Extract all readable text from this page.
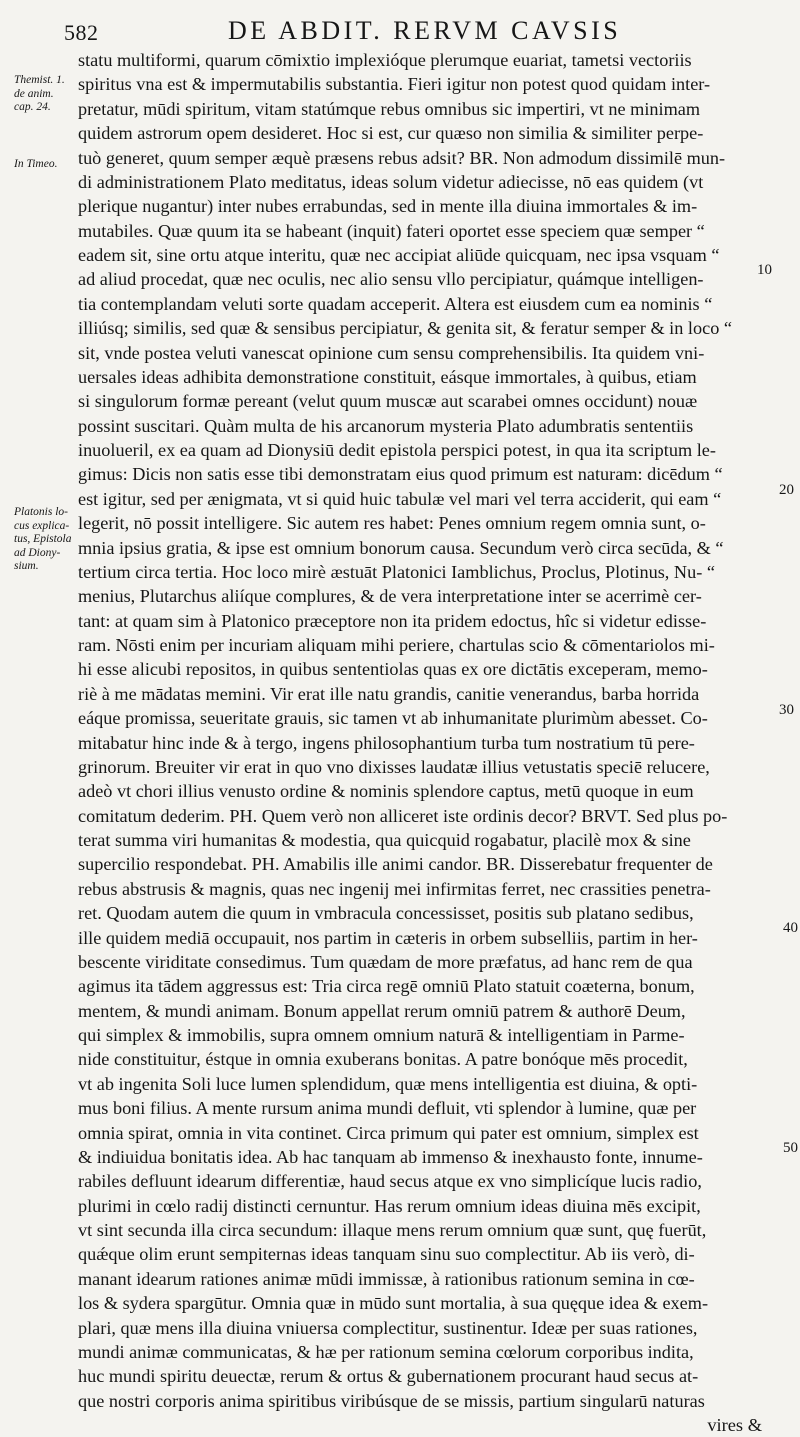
582	DE ABDIT. RERVM CAVSIS
Themist. 1.
de anim.
cap. 24.
In Timeo.
Platonis lo-
cus explica-
tus, Epistola
ad Diony-
sium.
10
20
30
40
50
statu multiformi, quarum cōmixtio implexióque plerumque euariat, tametsi vectoriis
spiritus vna est & impermutabilis substantia. Fieri igitur non potest quod quidam inter-
pretatur, mūdi spiritum, vitam statúmque rebus omnibus sic impertiri, vt ne minimam
quidem astrorum opem desideret. Hoc si est, cur quæso non similia & similiter perpe-
tuò generet, quum semper æquè præsens rebus adsit? BR. Non admodum dissimilē mun-
di administrationem Plato meditatus, ideas solum videtur adiecisse, nō eas quidem (vt
plerique nugantur) inter nubes errabundas, sed in mente illa diuina immortales & im-
mutabiles. Quæ quum ita se habeant (inquit) fateri oportet esse speciem quæ semper “
eadem sit, sine ortu atque interitu, quæ nec accipiat aliūde quicquam, nec ipsa vsquam “
ad aliud procedat, quæ nec oculis, nec alio sensu vllo percipiatur, quámque intelligen-
tia contemplandam veluti sorte quadam acceperit. Altera est eiusdem cum ea nominis “
illiúsq; similis, sed quæ & sensibus percipiatur, & genita sit, & feratur semper & in loco “
sit, vnde postea veluti vanescat opinione cum sensu comprehensibilis. Ita quidem vni-
uersales ideas adhibita demonstratione constituit, eásque immortales, à quibus, etiam
si singulorum formæ pereant (velut quum muscæ aut scarabei omnes occidunt) nouæ
possint suscitari. Quàm multa de his arcanorum mysteria Plato adumbratis sententiis
inuolueril, ex ea quam ad Dionysiū dedit epistola perspici potest, in qua ita scriptum le-
gimus: Dicis non satis esse tibi demonstratam eius quod primum est naturam: dicēdum “
est igitur, sed per ænigmata, vt si quid huic tabulæ vel mari vel terra acciderit, qui eam “
legerit, nō possit intelligere. Sic autem res habet: Penes omnium regem omnia sunt, o-
mnia ipsius gratia, & ipse est omnium bonorum causa. Secundum verò circa secūda, & “
tertium circa tertia. Hoc loco mirè æstuāt Platonici Iamblichus, Proclus, Plotinus, Nu- “
menius, Plutarchus aliíque complures, & de vera interpretatione inter se acerrimè cer-
tant: at quam sim à Platonico præceptore non ita pridem edoctus, hîc si videtur edisse-
ram. Nōsti enim per incuriam aliquam mihi periere, chartulas scio & cōmentariolos mi-
hi esse alicubi repositos, in quibus sententiolas quas ex ore dictātis exceperam, memo-
riè à me mādatas memini. Vir erat ille natu grandis, canitie venerandus, barba horrida
eáque promissa, seueritate grauis, sic tamen vt ab inhumanitate plurimùm abesset. Co-
mitabatur hinc inde & à tergo, ingens philosophantium turba tum nostratium tū pere-
grinorum. Breuiter vir erat in quo vno dixisses laudatæ illius vetustatis speciē relucere,
adeò vt chori illius venusto ordine & nominis splendore captus, metū quoque in eum
comitatum dederim. PH. Quem verò non alliceret iste ordinis decor? BRVT. Sed plus po-
terat summa viri humanitas & modestia, qua quicquid rogabatur, placilè mox & sine
supercilio respondebat. PH. Amabilis ille animi candor. BR. Disserebatur frequenter de
rebus abstrusis & magnis, quas nec ingenij mei infirmitas ferret, nec crassities penetra-
ret. Quodam autem die quum in vmbracula concessisset, positis sub platano sedibus,
ille quidem mediā occupauit, nos partim in cæteris in orbem subselliis, partim in her-
bescente viriditate consedimus. Tum quædam de more præfatus, ad hanc rem de qua
agimus ita tādem aggressus est: Tria circa regē omniū Plato statuit coæterna, bonum,
mentem, & mundi animam. Bonum appellat rerum omniū patrem & authorē Deum,
qui simplex & immobilis, supra omnem omnium naturā & intelligentiam in Parme-
nide constituitur, éstque in omnia exuberans bonitas. A patre bonóque mēs procedit,
vt ab ingenita Soli luce lumen splendidum, quæ mens intelligentia est diuina, & opti-
mus boni filius. A mente rursum anima mundi defluit, vti splendor à lumine, quæ per
omnia spirat, omnia in vita continet. Circa primum qui pater est omnium, simplex est
& indiuidua bonitatis idea. Ab hac tanquam ab immenso & inexhausto fonte, innume-
rabiles defluunt idearum differentiæ, haud secus atque ex vno simplicíque lucis radio,
plurimi in cœlo radij distincti cernuntur. Has rerum omnium ideas diuina mēs excipit,
vt sint secunda illa circa secundum: illaque mens rerum omnium quæ sunt, quę fuerūt,
quǽque olim erunt sempiternas ideas tanquam sinu suo complectitur. Ab iis verò, di-
manant idearum rationes animæ mūdi immissæ, à rationibus rationum semina in cœ-
los & sydera spargūtur. Omnia quæ in mūdo sunt mortalia, à sua quęque idea & exem-
plari, quæ mens illa diuina vniuersa complectitur, sustinentur. Ideæ per suas rationes,
mundi animæ communicatas, & hæ per rationum semina cœlorum corporibus indita,
huc mundi spiritu deuectæ, rerum & ortus & gubernationem procurant haud secus at-
que nostri corporis anima spiritibus viribúsque de se missis, partium singularū naturas
vires &
